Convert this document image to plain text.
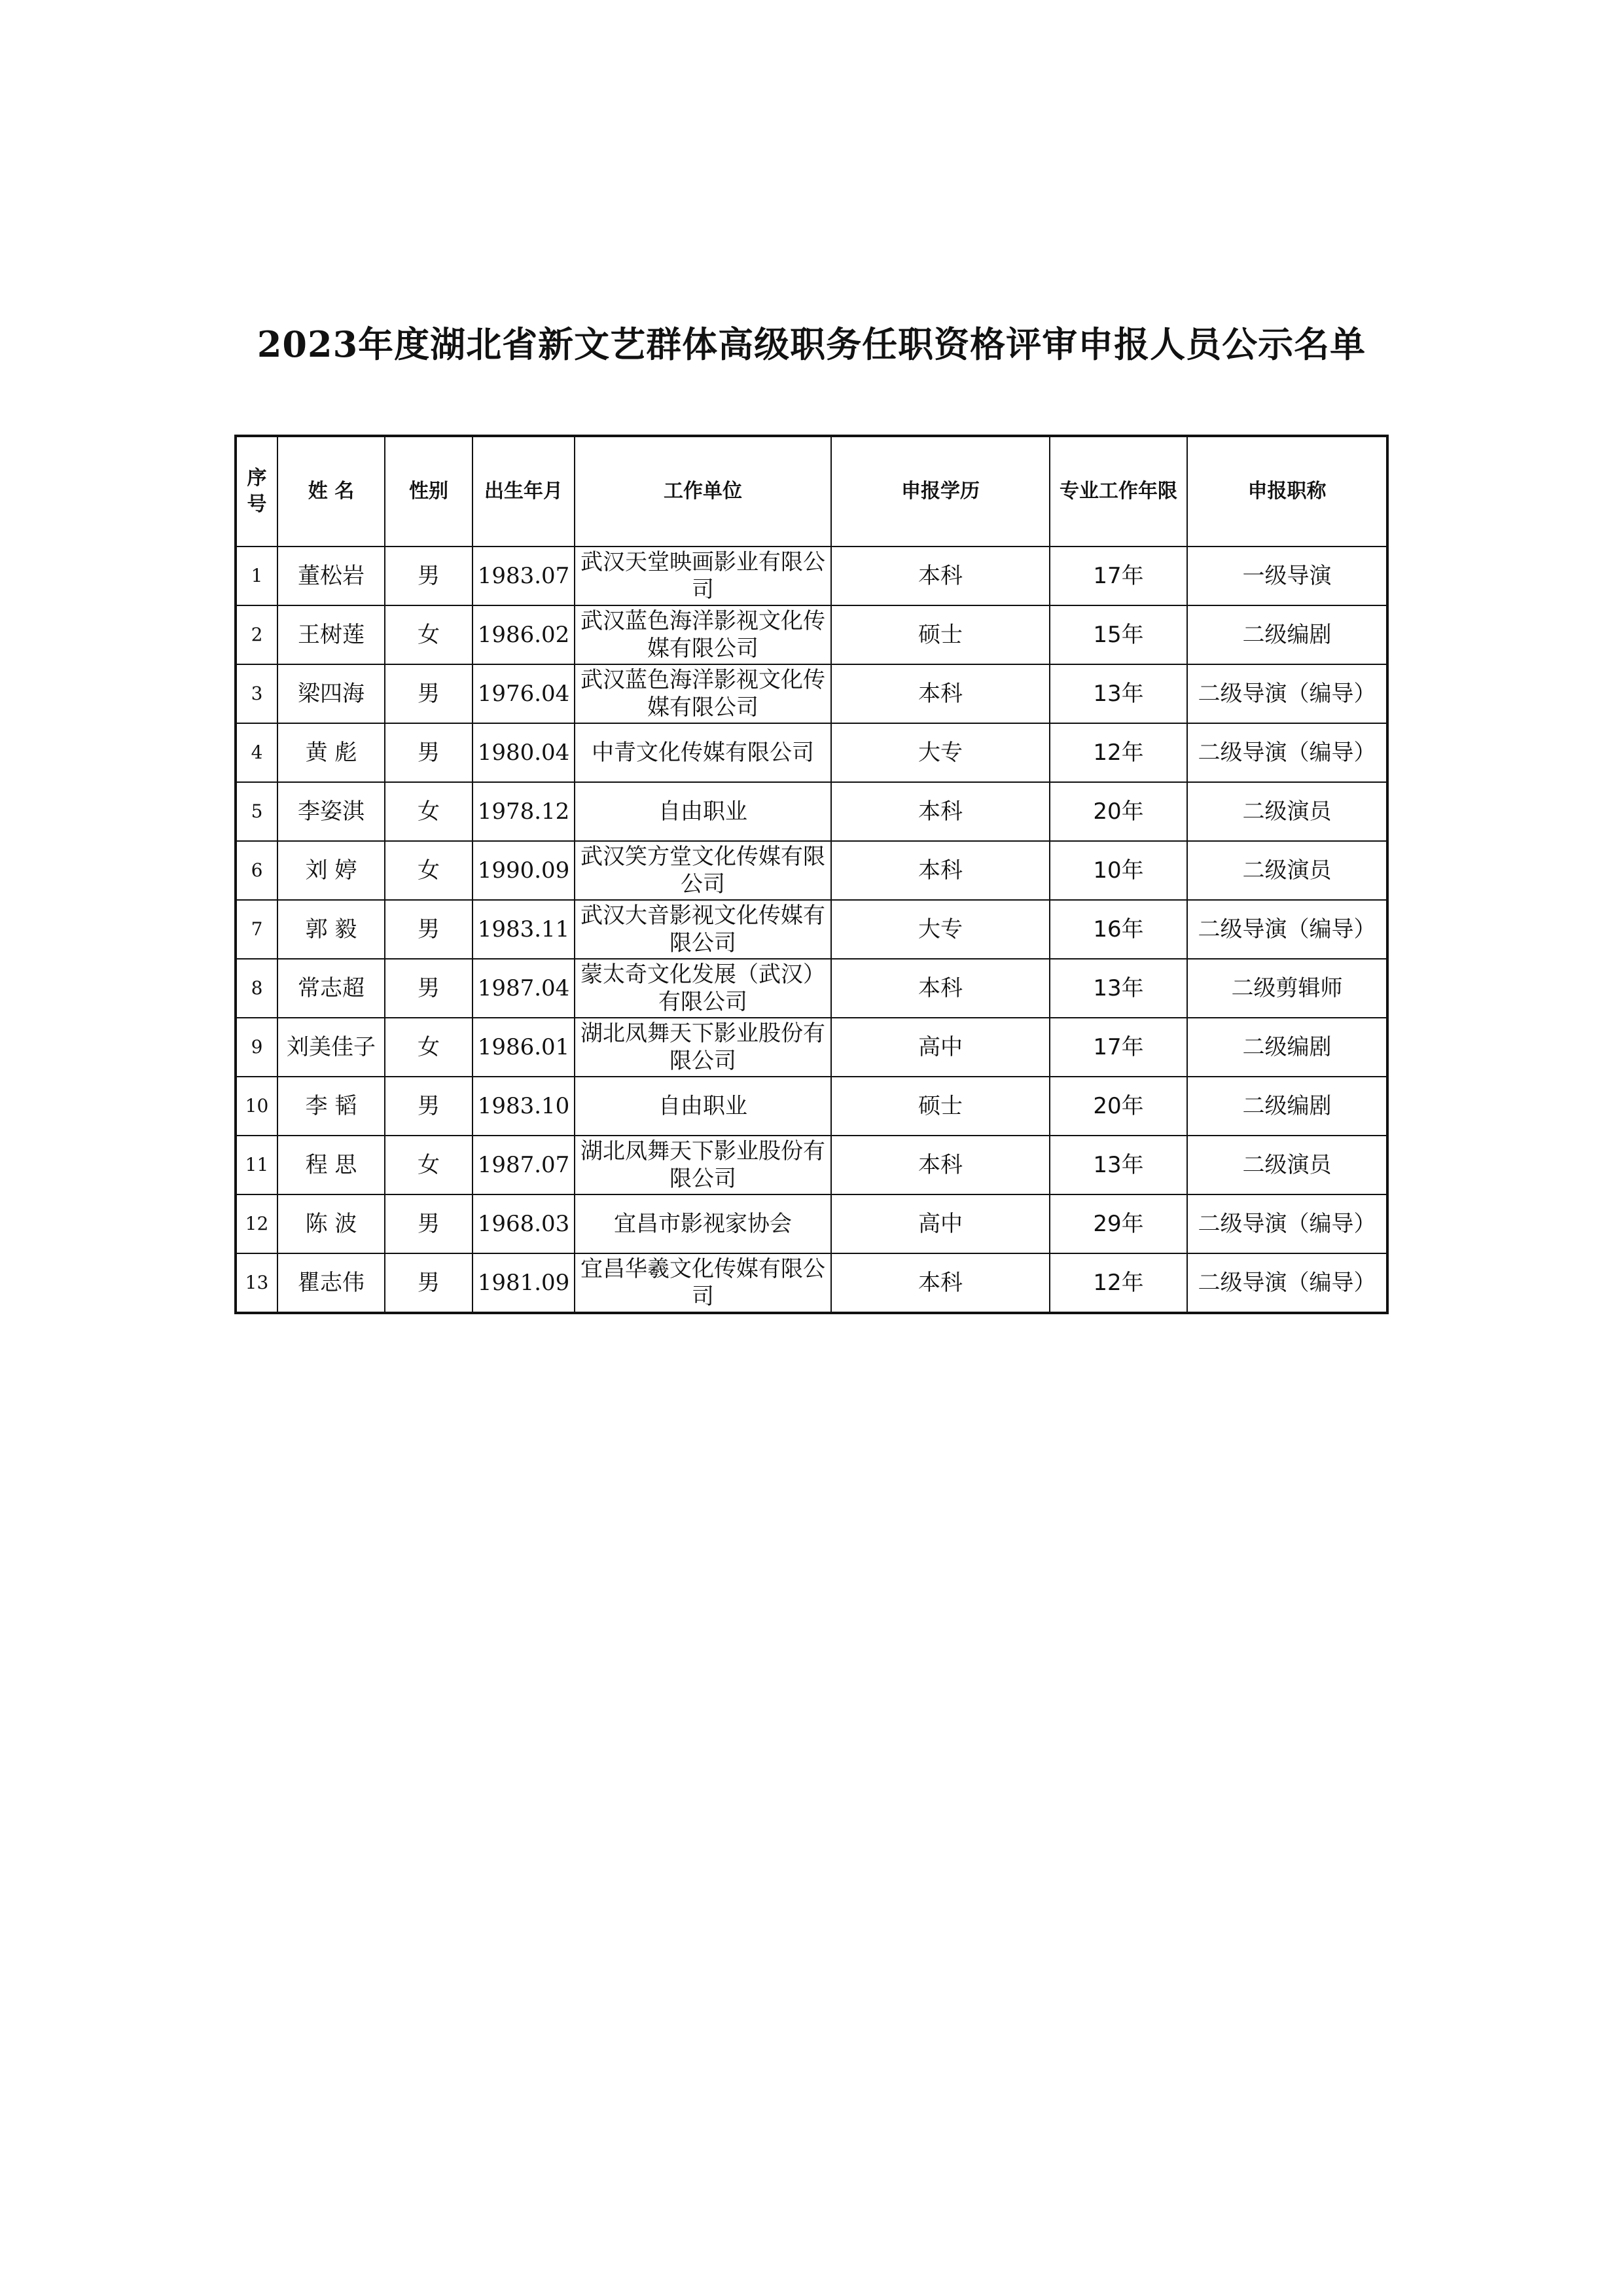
2023年度湖北省新文艺群体高级职务任职资格评审申报人员公示名单
序号	姓 名	性别	出生年月	工作单位	申报学历	专业工作年限	申报职称
1	董松岩	男	1983.07	武汉天堂映画影业有限公司	本科	17年	一级导演
2	王树莲	女	1986.02	武汉蓝色海洋影视文化传媒有限公司	硕士	15年	二级编剧
3	梁四海	男	1976.04	武汉蓝色海洋影视文化传媒有限公司	本科	13年	二级导演（编导）
4	黄 彪	男	1980.04	中青文化传媒有限公司	大专	12年	二级导演（编导）
5	李姿淇	女	1978.12	自由职业	本科	20年	二级演员
6	刘 婷	女	1990.09	武汉笑方堂文化传媒有限公司	本科	10年	二级演员
7	郭 毅	男	1983.11	武汉大音影视文化传媒有限公司	大专	16年	二级导演（编导）
8	常志超	男	1987.04	蒙太奇文化发展（武汉）有限公司	本科	13年	二级剪辑师
9	刘美佳子	女	1986.01	湖北凤舞天下影业股份有限公司	高中	17年	二级编剧
10	李 韬	男	1983.10	自由职业	硕士	20年	二级编剧
11	程 思	女	1987.07	湖北凤舞天下影业股份有限公司	本科	13年	二级演员
12	陈 波	男	1968.03	宜昌市影视家协会	高中	29年	二级导演（编导）
13	瞿志伟	男	1981.09	宜昌华羲文化传媒有限公司	本科	12年	二级导演（编导）
